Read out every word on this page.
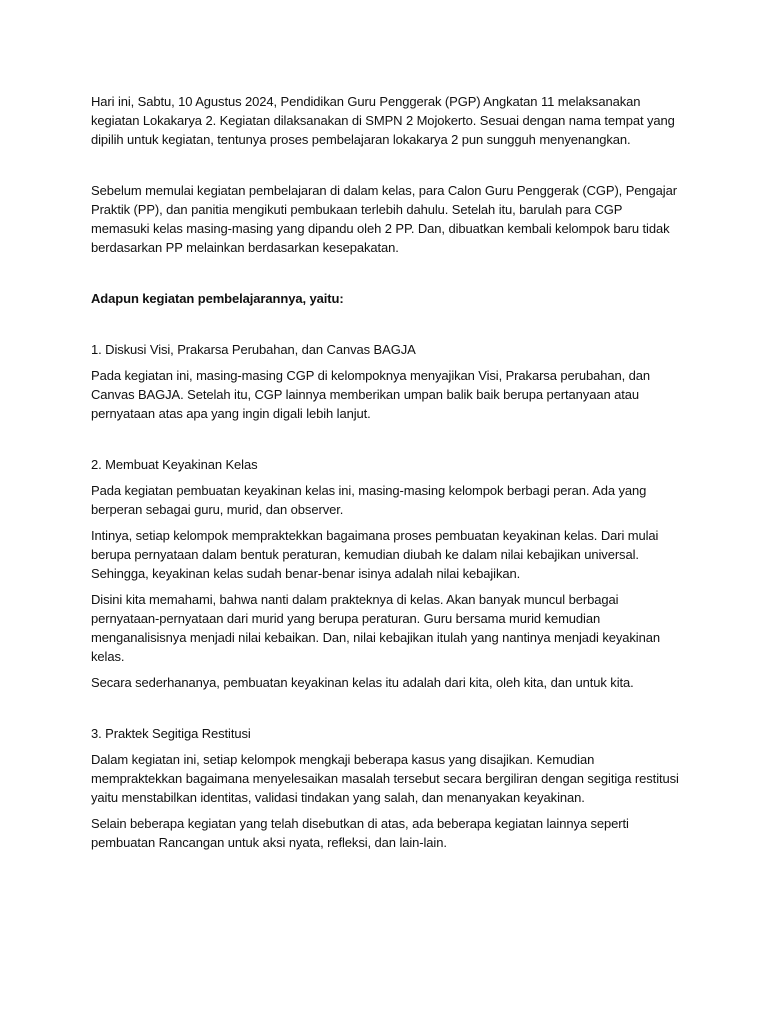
Hari ini, Sabtu, 10 Agustus 2024, Pendidikan Guru Penggerak (PGP) Angkatan 11 melaksanakan kegiatan Lokakarya 2. Kegiatan dilaksanakan di SMPN 2 Mojokerto. Sesuai dengan nama tempat yang dipilih untuk kegiatan, tentunya proses pembelajaran lokakarya 2 pun sungguh menyenangkan.

Sebelum memulai kegiatan pembelajaran di dalam kelas, para Calon Guru Penggerak (CGP), Pengajar Praktik (PP), dan panitia mengikuti pembukaan terlebih dahulu. Setelah itu, barulah para CGP memasuki kelas masing-masing yang dipandu oleh 2 PP. Dan, dibuatkan kembali kelompok baru tidak berdasarkan PP melainkan berdasarkan kesepakatan.

Adapun kegiatan pembelajarannya, yaitu:

1. Diskusi Visi, Prakarsa Perubahan, dan Canvas BAGJA

Pada kegiatan ini, masing-masing CGP di kelompoknya menyajikan Visi, Prakarsa perubahan, dan Canvas BAGJA. Setelah itu, CGP lainnya memberikan umpan balik baik berupa pertanyaan atau pernyataan atas apa yang ingin digali lebih lanjut.

2. Membuat Keyakinan Kelas

Pada kegiatan pembuatan keyakinan kelas ini, masing-masing kelompok berbagi peran. Ada yang berperan sebagai guru, murid, dan observer.

Intinya, setiap kelompok mempraktekkan bagaimana proses pembuatan keyakinan kelas. Dari mulai berupa pernyataan dalam bentuk peraturan, kemudian diubah ke dalam nilai kebajikan universal. Sehingga, keyakinan kelas sudah benar-benar isinya adalah nilai kebajikan.

Disini kita memahami, bahwa nanti dalam prakteknya di kelas. Akan banyak muncul berbagai pernyataan-pernyataan dari murid yang berupa peraturan. Guru bersama murid kemudian menganalisisnya menjadi nilai kebaikan. Dan, nilai kebajikan itulah yang nantinya menjadi keyakinan kelas.

Secara sederhananya, pembuatan keyakinan kelas itu adalah dari kita, oleh kita, dan untuk kita.

3. Praktek Segitiga Restitusi

Dalam kegiatan ini, setiap kelompok mengkaji beberapa kasus yang disajikan. Kemudian mempraktekkan bagaimana menyelesaikan masalah tersebut secara bergiliran dengan segitiga restitusi yaitu menstabilkan identitas, validasi tindakan yang salah, dan menanyakan keyakinan.

Selain beberapa kegiatan yang telah disebutkan di atas, ada beberapa kegiatan lainnya seperti pembuatan Rancangan untuk aksi nyata, refleksi, dan lain-lain.
